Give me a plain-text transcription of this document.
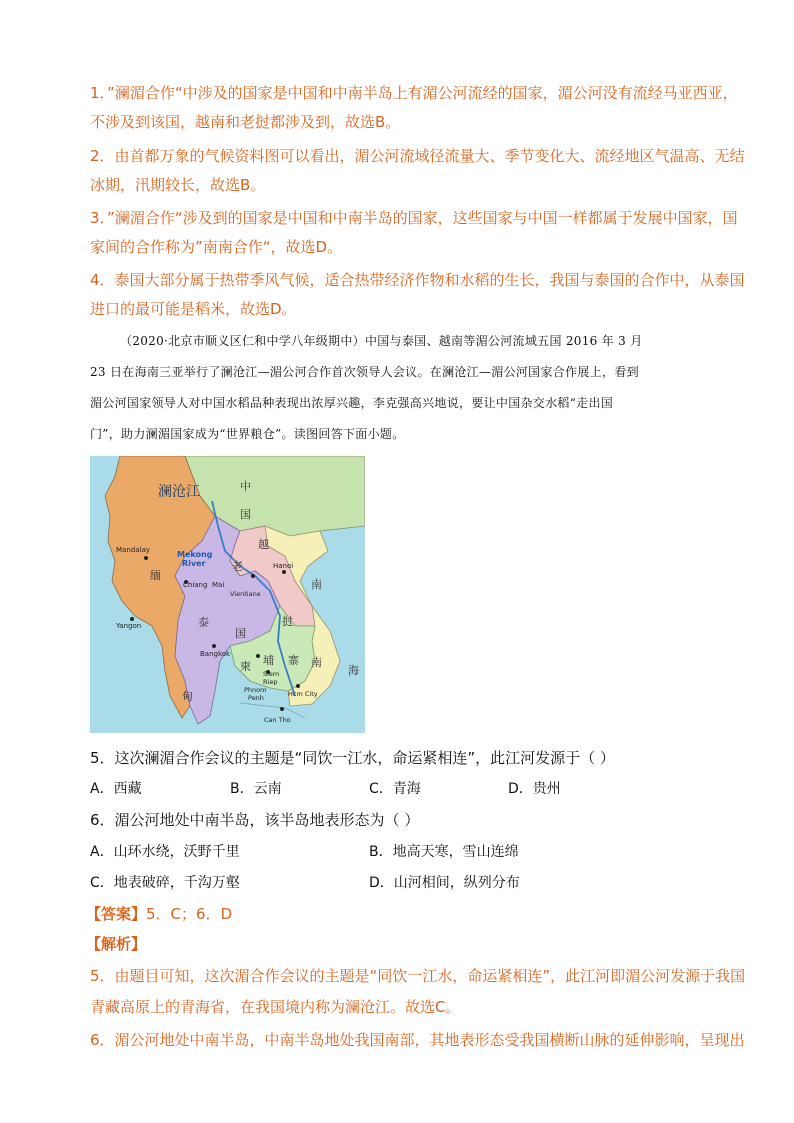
1．”澜湄合作“中涉及的国家是中国和中南半岛上有湄公河流经的国家，湄公河没有流经马亚西亚，
不涉及到该国，越南和老挝都涉及到，故选B。
2．由首都万象的气候资料图可以看出，湄公河流域径流量大、季节变化大、流经地区气温高、无结
冰期，汛期较长，故选B。
3．”澜湄合作“涉及到的国家是中国和中南半岛的国家，这些国家与中国一样都属于发展中国家，国
家间的合作称为”南南合作“，故选D。
4．泰国大部分属于热带季风气候，适合热带经济作物和水稻的生长，我国与泰国的合作中，从泰国
进口的最可能是稻米，故选D。
（2020·北京市顺义区仁和中学八年级期中）中国与泰国、越南等湄公河流域五国 2016 年 3 月
23 日在海南三亚举行了澜沧江—湄公河合作首次领导人会议。在澜沧江—湄公河国家合作展上，看到
湄公河国家领导人对中国水稻品种表现出浓厚兴趣，李克强高兴地说，要让中国杂交水稻“走出国
门”，助力澜湄国家成为“世界粮仓”。读图回答下面小题。
澜沧江	中
国
Mandalay	Mekong
River
越
Hanoi
缅
Chiang Mai
老
Vientiane
南
泰
国
挝
Yangon
Bangkok
柬 埔 寨 南
海
Siem
Riep
甸	Phnom
Penh	Hcm City
Can Tho
5．这次澜湄合作会议的主题是“同饮一江水，命运紧相连”，此江河发源于（ ）
A．西藏	B．云南	C．青海	D．贵州
6．湄公河地处中南半岛，该半岛地表形态为（ ）
A．山环水绕，沃野千里	B．地高天寒，雪山连绵
C．地表破碎，千沟万壑	D．山河相间，纵列分布
【答案】5．C；6．D
【解析】
5．由题目可知，这次湄合作会议的主题是“同饮一江水，命运紧相连”，此江河即湄公河发源于我国
青藏高原上的青海省，在我国境内称为澜沧江。故选C。
6．湄公河地处中南半岛，中南半岛地处我国南部，其地表形态受我国横断山脉的延伸影响，呈现出
